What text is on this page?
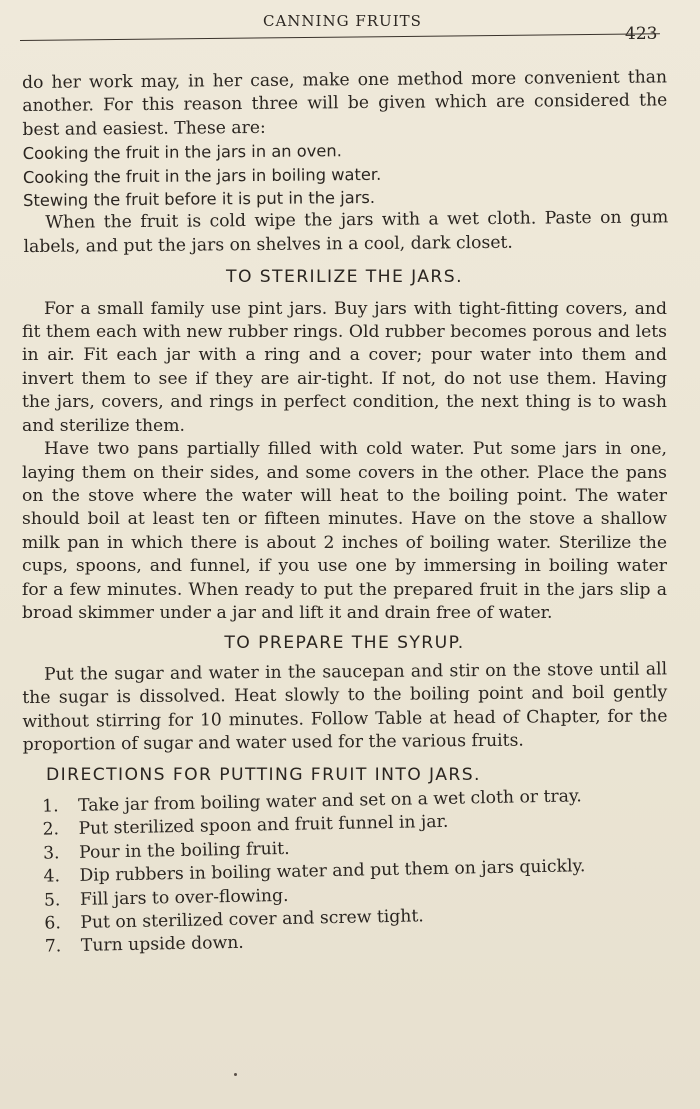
CANNING FRUITS
423

do her work may, in her case, make one method more convenient than another. For this reason three will be given which are considered the best and easiest. These are:

Cooking the fruit in the jars in an oven.

Cooking the fruit in the jars in boiling water.

Stewing the fruit before it is put in the jars.

When the fruit is cold wipe the jars with a wet cloth. Paste on gum labels, and put the jars on shelves in a cool, dark closet.

TO STERILIZE THE JARS.

For a small family use pint jars. Buy jars with tight-fitting covers, and fit them each with new rubber rings. Old rubber becomes porous and lets in air. Fit each jar with a ring and a cover; pour water into them and invert them to see if they are air-tight. If not, do not use them. Having the jars, covers, and rings in perfect condition, the next thing is to wash and sterilize them.

Have two pans partially filled with cold water. Put some jars in one, laying them on their sides, and some covers in the other. Place the pans on the stove where the water will heat to the boiling point. The water should boil at least ten or fifteen minutes. Have on the stove a shallow milk pan in which there is about 2 inches of boiling water. Sterilize the cups, spoons, and funnel, if you use one by immersing in boiling water for a few minutes. When ready to put the prepared fruit in the jars slip a broad skimmer under a jar and lift it and drain free of water.

TO PREPARE THE SYRUP.

Put the sugar and water in the saucepan and stir on the stove until all the sugar is dissolved. Heat slowly to the boiling point and boil gently without stirring for 10 minutes. Follow Table at head of Chapter, for the proportion of sugar and water used for the various fruits.

DIRECTIONS FOR PUTTING FRUIT INTO JARS.
1. Take jar from boiling water and set on a wet cloth or tray.
2. Put sterilized spoon and fruit funnel in jar.
3. Pour in the boiling fruit.
4. Dip rubbers in boiling water and put them on jars quickly.
5. Fill jars to over-flowing.
6. Put on sterilized cover and screw tight.
7. Turn upside down.
